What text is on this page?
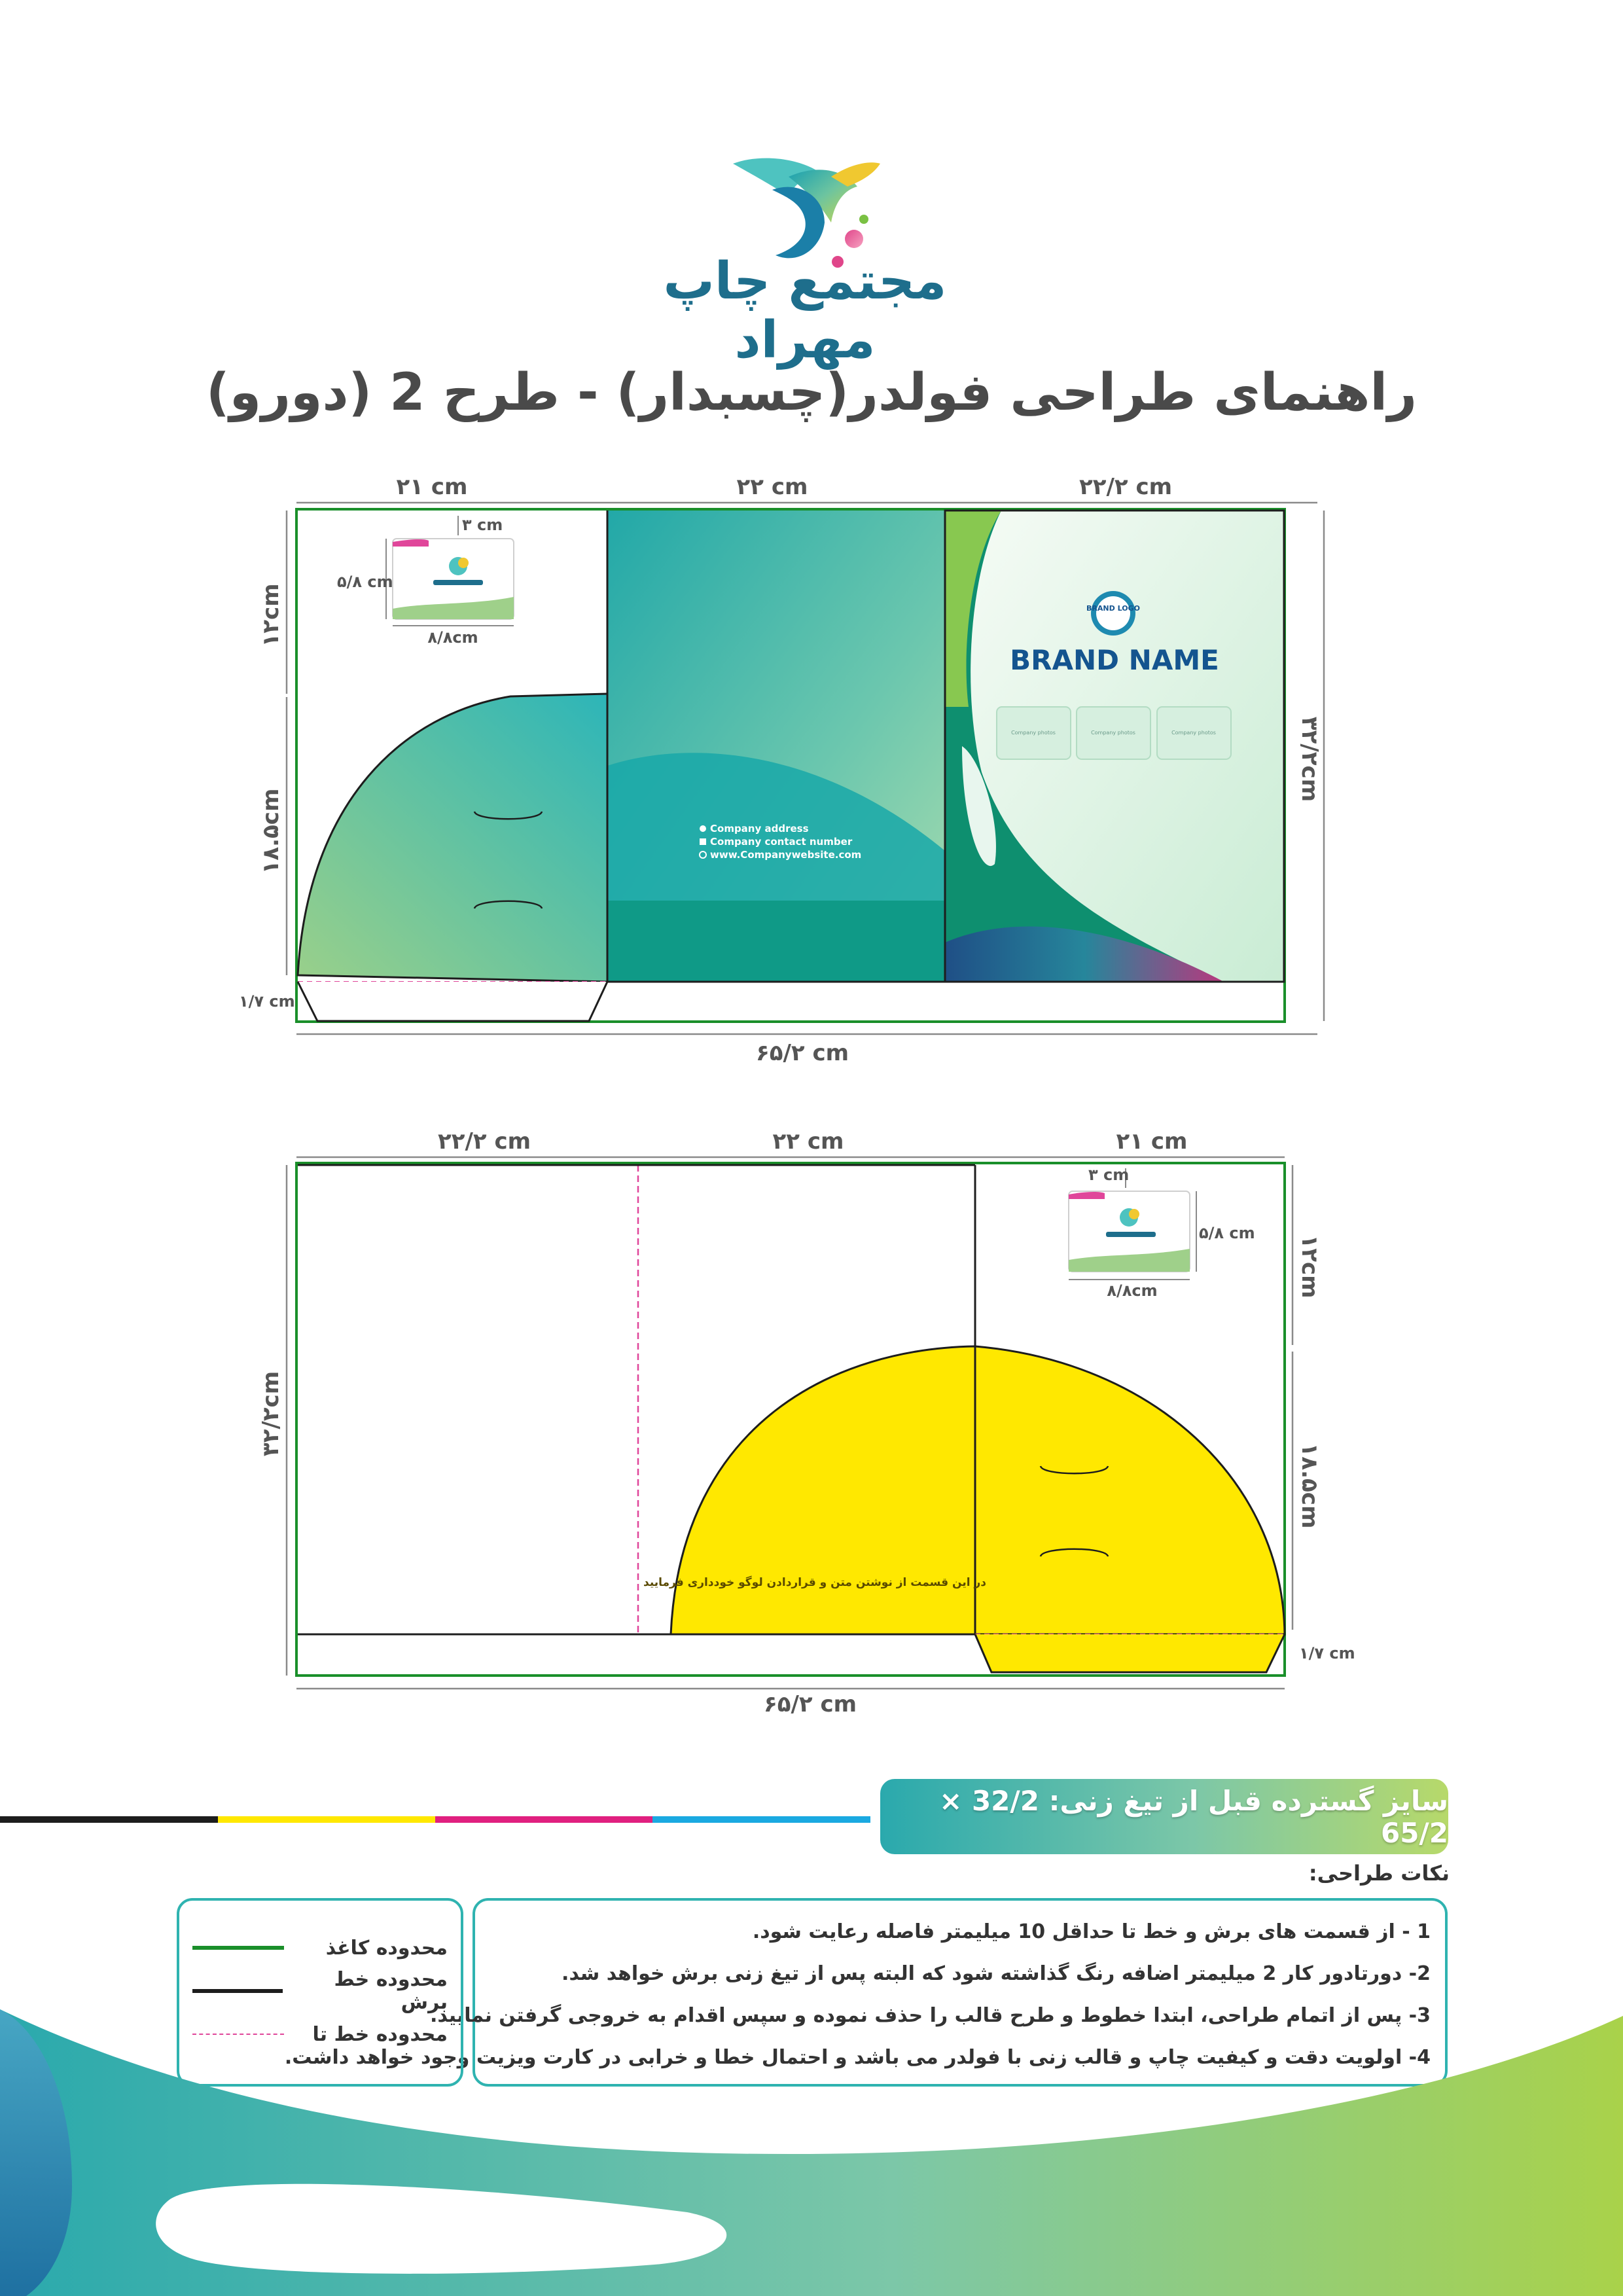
مجتمع چاپ مهراد
راهنمای طراحی فولدر(چسبدار) - طرح 2 (دورو)
۲۱ cm	۲۲ cm	۲۲/۲ cm
۱۲cm
۱۸.۵cm
۱/۷ cm
۳۲/۲cm
۶۵/۲ cm
Company address
Company contact number
www.Companywebsite.com
BRAND LOGO
BRAND NAME
Company photos	Company photos	Company photos
۳ cm
۵/۸ cm
۸/۸cm
۲۲/۲ cm	۲۲ cm	۲۱ cm
۳۲/۲cm
۱۲cm
۱۸.۵cm
۱/۷ cm
۶۵/۲ cm
در این قسمت از نوشتن متن و قراردادن لوگو خودداری فرمایید
۳ cm
۵/۸ cm
۸/۸cm
سایز گسترده قبل از تیغ زنی: 32/2 × 65/2
نکات طراحی:
1 - از قسمت های برش و خط تا حداقل 10 میلیمتر فاصله رعایت شود.
2- دورتادور کار 2 میلیمتر اضافه رنگ گذاشته شود که البته پس از تیغ زنی برش خواهد شد.
3- پس از اتمام طراحی، ابتدا خطوط و طرح قالب را حذف نموده و سپس اقدام به خروجی گرفتن نمایید.
4- اولویت دقت و کیفیت چاپ و قالب زنی با فولدر می باشد و احتمال خطا و خرابی در کارت ویزیت وجود خواهد داشت.
محدوده کاغذ
محدوده خط برش
محدوده خط تا
